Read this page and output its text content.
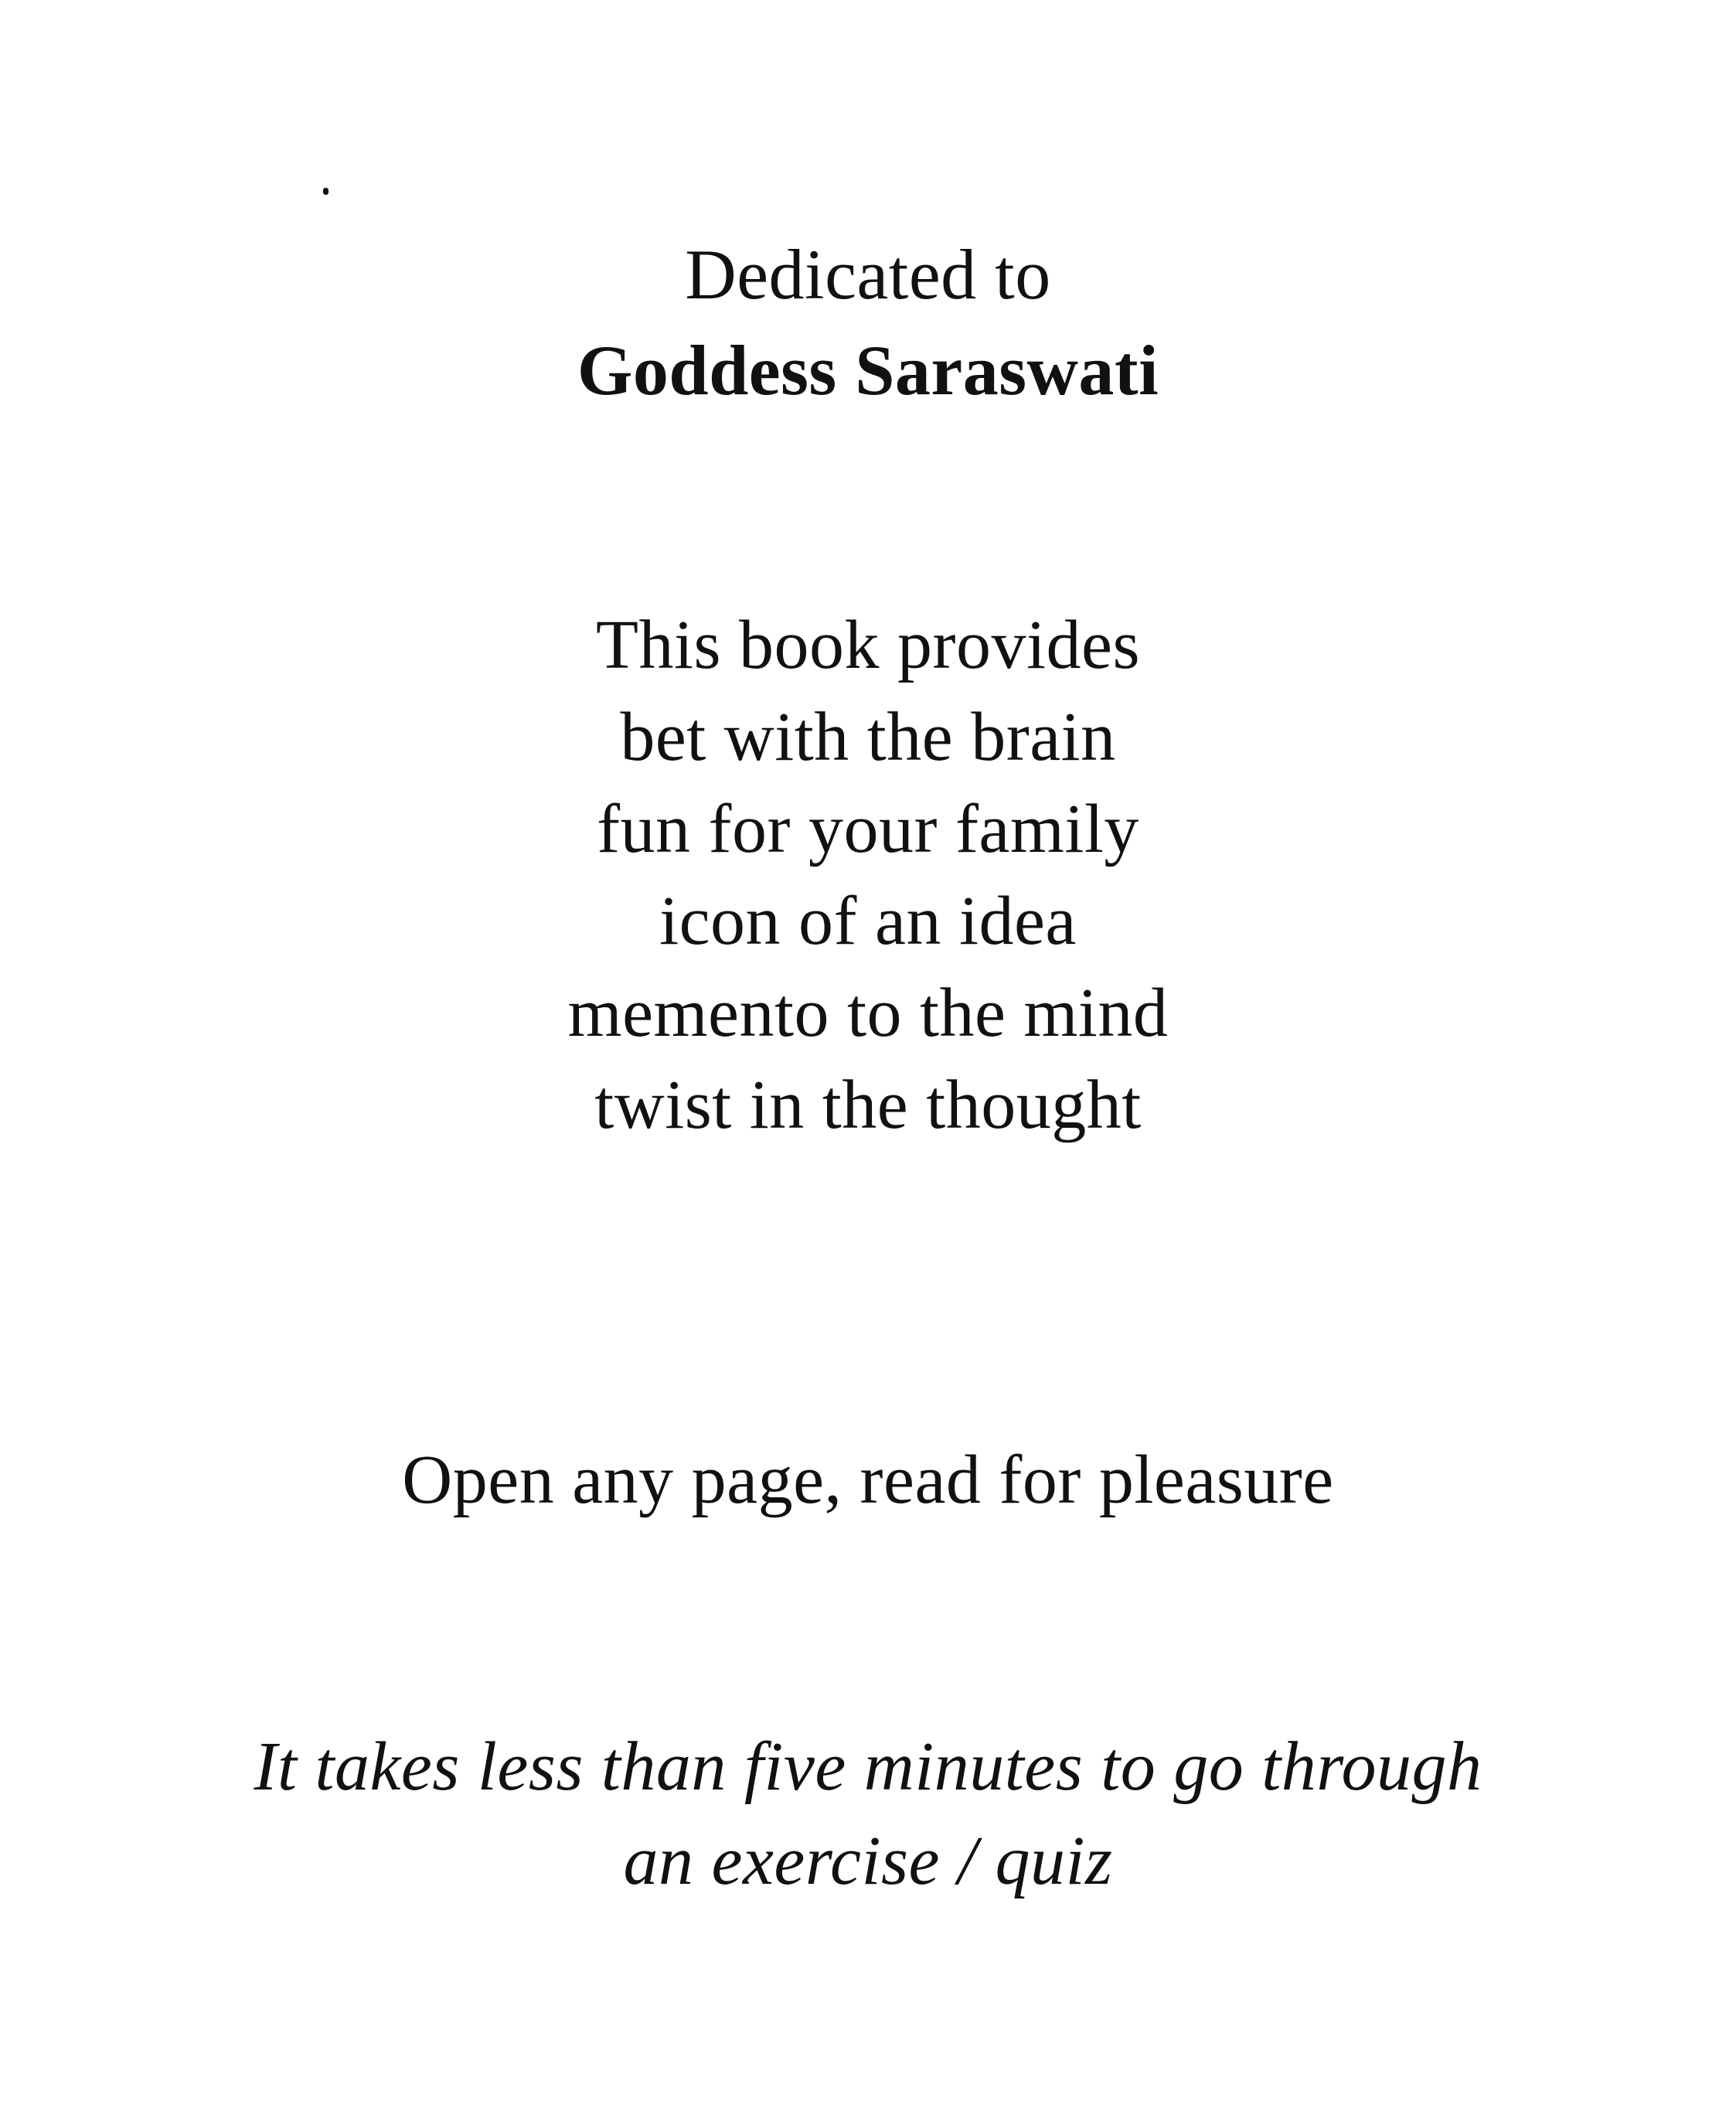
Dedicated to
Goddess Saraswati
This book provides
bet with the brain
fun for your family
icon of an idea
memento to the mind
twist in the thought
Open any page, read for pleasure
It takes less than five minutes to go through
an exercise / quiz
